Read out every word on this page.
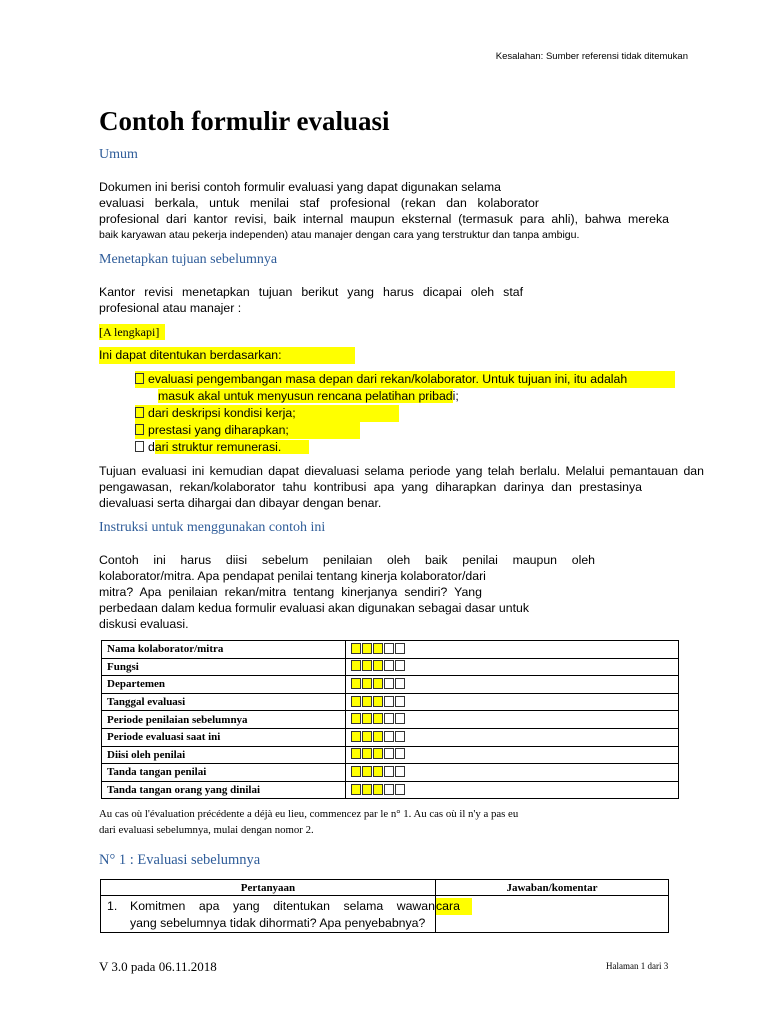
Kesalahan: Sumber referensi tidak ditemukan
Contoh formulir evaluasi
Umum
Dokumen ini berisi contoh formulir evaluasi yang dapat digunakan selama
evaluasi berkala, untuk menilai staf profesional (rekan dan kolaborator
profesional dari kantor revisi, baik internal maupun eksternal (termasuk para ahli), bahwa mereka
baik karyawan atau pekerja independen) atau manajer dengan cara yang terstruktur dan tanpa ambigu.
Menetapkan tujuan sebelumnya
Kantor revisi menetapkan tujuan berikut yang harus dicapai oleh staf
profesional atau manajer :
[A lengkapi]
Ini dapat ditentukan berdasarkan:
evaluasi pengembangan masa depan dari rekan/kolaborator. Untuk tujuan ini, itu adalah
masuk akal untuk menyusun rencana pelatihan pribadi;
dari deskripsi kondisi kerja;
prestasi yang diharapkan;
dari struktur remunerasi.
Tujuan evaluasi ini kemudian dapat dievaluasi selama periode yang telah berlalu. Melalui pemantauan dan
pengawasan, rekan/kolaborator tahu kontribusi apa yang diharapkan darinya dan prestasinya
dievaluasi serta dihargai dan dibayar dengan benar.
Instruksi untuk menggunakan contoh ini
Contoh ini harus diisi sebelum penilaian oleh baik penilai maupun oleh
kolaborator/mitra. Apa pendapat penilai tentang kinerja kolaborator/dari
mitra? Apa penilaian rekan/mitra tentang kinerjanya sendiri? Yang
perbedaan dalam kedua formulir evaluasi akan digunakan sebagai dasar untuk
diskusi evaluasi.
Nama kolaborator/mitra	
Fungsi	
Departemen	
Tanggal evaluasi	
Periode penilaian sebelumnya	
Periode evaluasi saat ini	
Diisi oleh penilai	
Tanda tangan penilai	
Tanda tangan orang yang dinilai	
Au cas où l'évaluation précédente a déjà eu lieu, commencez par le n° 1. Au cas où il n'y a pas eu
dari evaluasi sebelumnya, mulai dengan nomor 2.
N° 1 : Evaluasi sebelumnya
Pertanyaan	Jawaban/komentar

1. Komitmen apa yang ditentukan selama wawan
yang sebelumnya tidak dihormati? Apa penyebabnya?	cara
V 3.0 pada 06.11.2018	Halaman 1 dari 3
